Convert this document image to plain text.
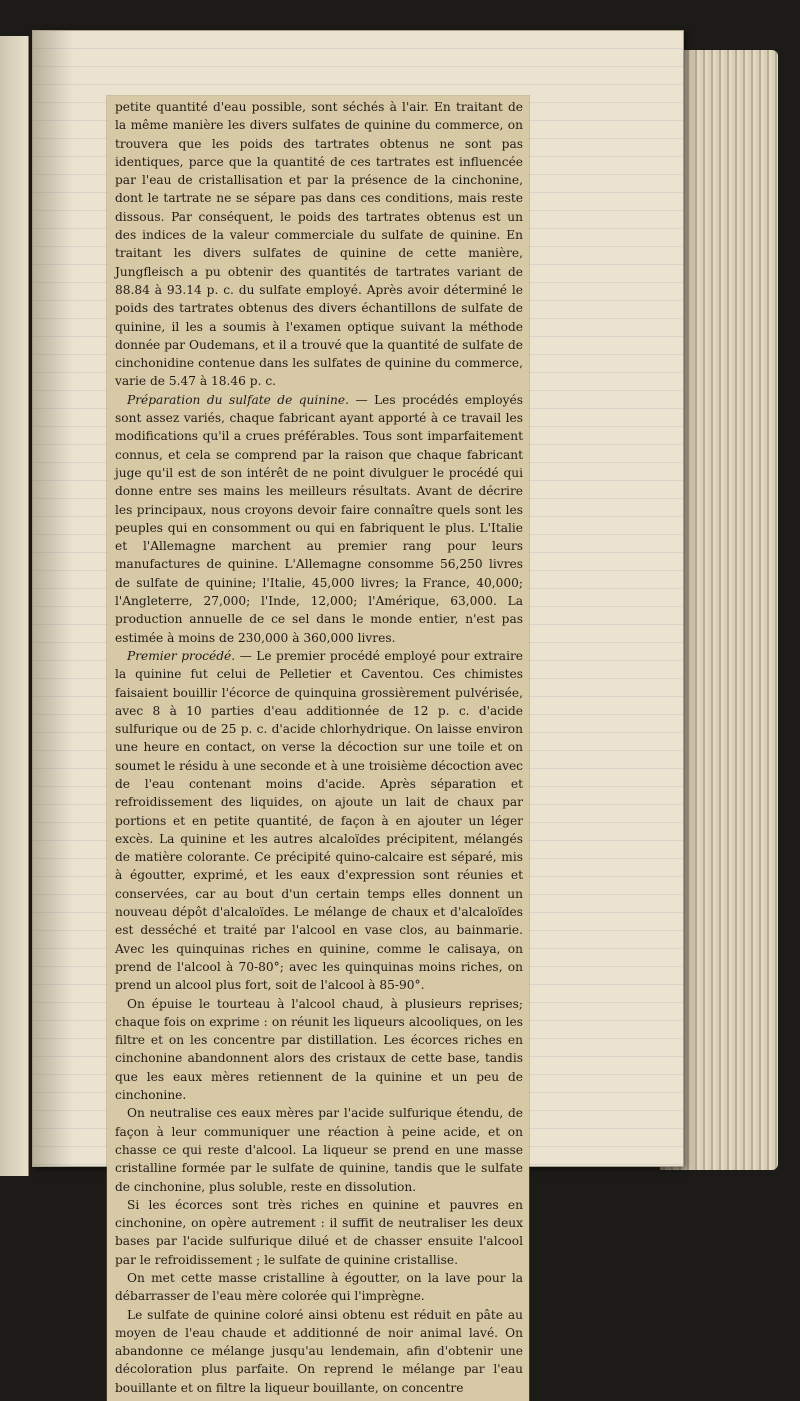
petite quantité d'eau possible, sont séchés à l'air. En traitant de la même manière les divers sulfates de quinine du commerce, on trouvera que les poids des tartrates obtenus ne sont pas identiques, parce que la quantité de ces tartrates est influencée par l'eau de cristallisation et par la présence de la cinchonine, dont le tartrate ne se sépare pas dans ces conditions, mais reste dissous. Par conséquent, le poids des tartrates obtenus est un des indices de la valeur commerciale du sulfate de quinine. En traitant les divers sulfates de quinine de cette manière, Jungfleisch a pu obtenir des quantités de tartrates variant de 88.84 à 93.14 p. c. du sulfate employé. Après avoir déterminé le poids des tartrates obtenus des divers échantillons de sulfate de quinine, il les a soumis à l'examen optique suivant la méthode donnée par Oudemans, et il a trouvé que la quantité de sulfate de cinchonidine contenue dans les sulfates de quinine du commerce, varie de 5.47 à 18.46 p. c.

Préparation du sulfate de quinine. — Les procédés employés sont assez variés, chaque fabricant ayant apporté à ce travail les modifications qu'il a crues préférables. Tous sont imparfaitement connus, et cela se comprend par la raison que chaque fabricant juge qu'il est de son intérêt de ne point divulguer le procédé qui donne entre ses mains les meilleurs résultats. Avant de décrire les principaux, nous croyons devoir faire connaître quels sont les peuples qui en consomment ou qui en fabriquent le plus. L'Italie et l'Allemagne marchent au premier rang pour leurs manufactures de quinine. L'Allemagne consomme 56,250 livres de sulfate de quinine; l'Italie, 45,000 livres; la France, 40,000; l'Angleterre, 27,000; l'Inde, 12,000; l'Amérique, 63,000. La production annuelle de ce sel dans le monde entier, n'est pas estimée à moins de 230,000 à 360,000 livres.

Premier procédé. — Le premier procédé employé pour extraire la quinine fut celui de Pelletier et Caventou. Ces chimistes faisaient bouillir l'écorce de quinquina grossièrement pulvérisée, avec 8 à 10 parties d'eau additionnée de 12 p. c. d'acide sulfurique ou de 25 p. c. d'acide chlorhydrique. On laisse environ une heure en contact, on verse la décoction sur une toile et on soumet le résidu à une seconde et à une troisième décoction avec de l'eau contenant moins d'acide. Après séparation et refroidissement des liquides, on ajoute un lait de chaux par portions et en petite quantité, de façon à en ajouter un léger excès. La quinine et les autres alcaloïdes précipitent, mélangés de matière colorante. Ce précipité quino-calcaire est séparé, mis à égoutter, exprimé, et les eaux d'expression sont réunies et conservées, car au bout d'un certain temps elles donnent un nouveau dépôt d'alcaloïdes. Le mélange de chaux et d'alcaloïdes est desséché et traité par l'alcool en vase clos, au bainmarie. Avec les quinquinas riches en quinine, comme le calisaya, on prend de l'alcool à 70-80°; avec les quinquinas moins riches, on prend un alcool plus fort, soit de l'alcool à 85-90°.

On épuise le tourteau à l'alcool chaud, à plusieurs reprises; chaque fois on exprime : on réunit les liqueurs alcooliques, on les filtre et on les concentre par distillation. Les écorces riches en cinchonine abandonnent alors des cristaux de cette base, tandis que les eaux mères retiennent de la quinine et un peu de cinchonine.

On neutralise ces eaux mères par l'acide sulfurique étendu, de façon à leur communiquer une réaction à peine acide, et on chasse ce qui reste d'alcool. La liqueur se prend en une masse cristalline formée par le sulfate de quinine, tandis que le sulfate de cinchonine, plus soluble, reste en dissolution.

Si les écorces sont très riches en quinine et pauvres en cinchonine, on opère autrement : il suffit de neutraliser les deux bases par l'acide sulfurique dilué et de chasser ensuite l'alcool par le refroidissement ; le sulfate de quinine cristallise.

On met cette masse cristalline à égoutter, on la lave pour la débarrasser de l'eau mère colorée qui l'imprègne.

Le sulfate de quinine coloré ainsi obtenu est réduit en pâte au moyen de l'eau chaude et additionné de noir animal lavé. On abandonne ce mélange jusqu'au lendemain, afin d'obtenir une décoloration plus parfaite. On reprend le mélange par l'eau bouillante et on filtre la liqueur bouillante, on concentre
